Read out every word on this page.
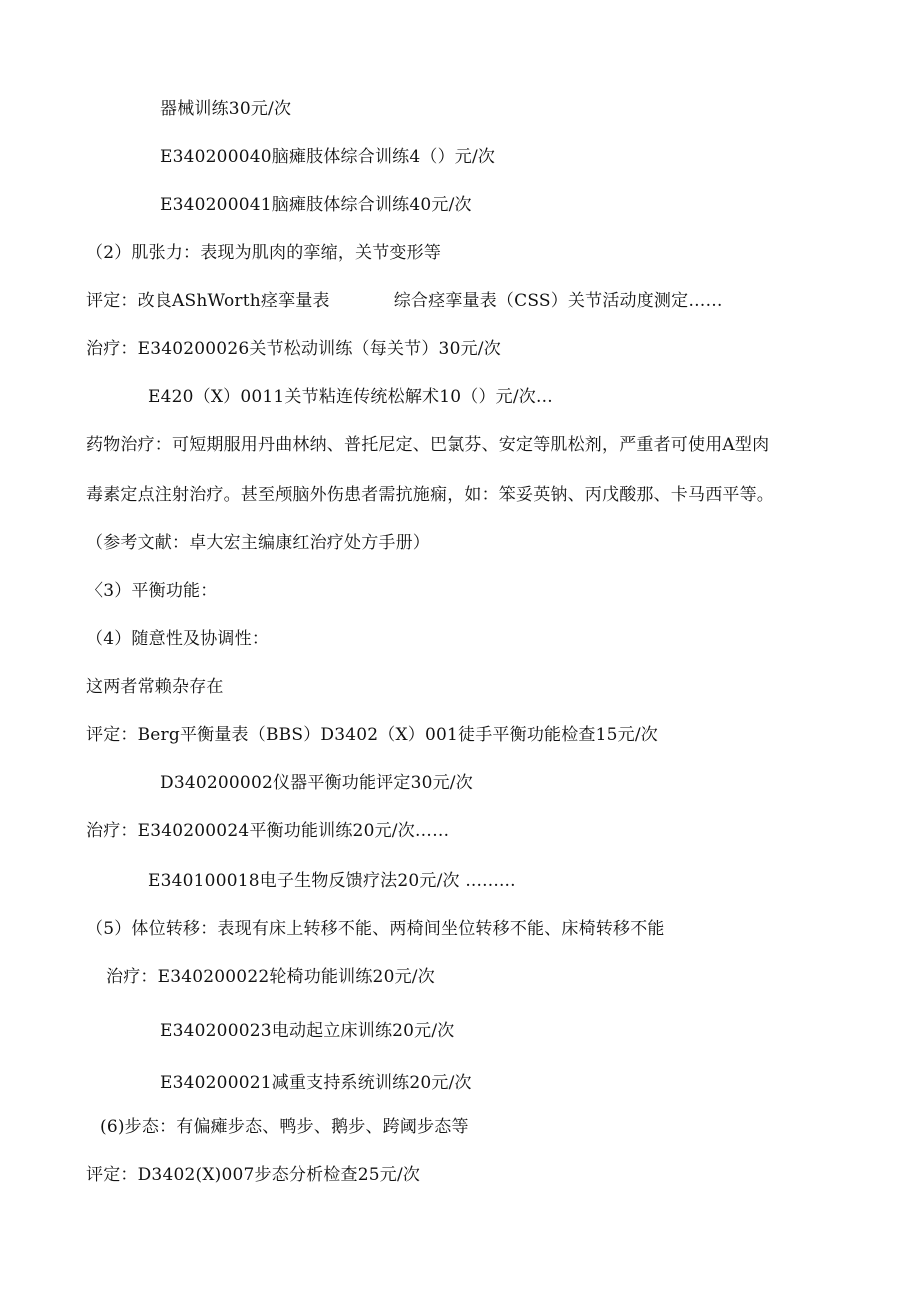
器械训练30元/次
E340200040脑瘫肢体综合训练4（）元/次
E340200041脑瘫肢体综合训练40元/次
（2）肌张力：表现为肌肉的挛缩，关节变形等
评定：改良AShWorth痉挛量表	综合痉挛量表（CSS）关节活动度测定……
治疗：E340200026关节松动训练（每关节）30元/次
E420（X）0011关节粘连传统松解术10（）元/次...
药物治疗：可短期服用丹曲林纳、普托尼定、巴氯芬、安定等肌松剂，严重者可使用A型肉
毒素定点注射治疗。甚至颅脑外伤患者需抗施痫，如：笨妥英钠、丙戊酸那、卡马西平等。
（参考文献：卓大宏主编康红治疗处方手册）
〈3）平衡功能：
（4）随意性及协调性：
这两者常赖杂存在
评定：Berg平衡量表（BBS）D3402（X）001徒手平衡功能检查15元/次
D340200002仪器平衡功能评定30元/次
治疗：E340200024平衡功能训练20元/次……
E340100018电子生物反馈疗法20元/次 .........
（5）体位转移：表现有床上转移不能、两椅间坐位转移不能、床椅转移不能
治疗：E340200022轮椅功能训练20元/次
E340200023电动起立床训练20元/次
E340200021减重支持系统训练20元/次
(6)步态：有偏瘫步态、鸭步、鹅步、跨阈步态等
评定：D3402(X)007步态分析检查25元/次
